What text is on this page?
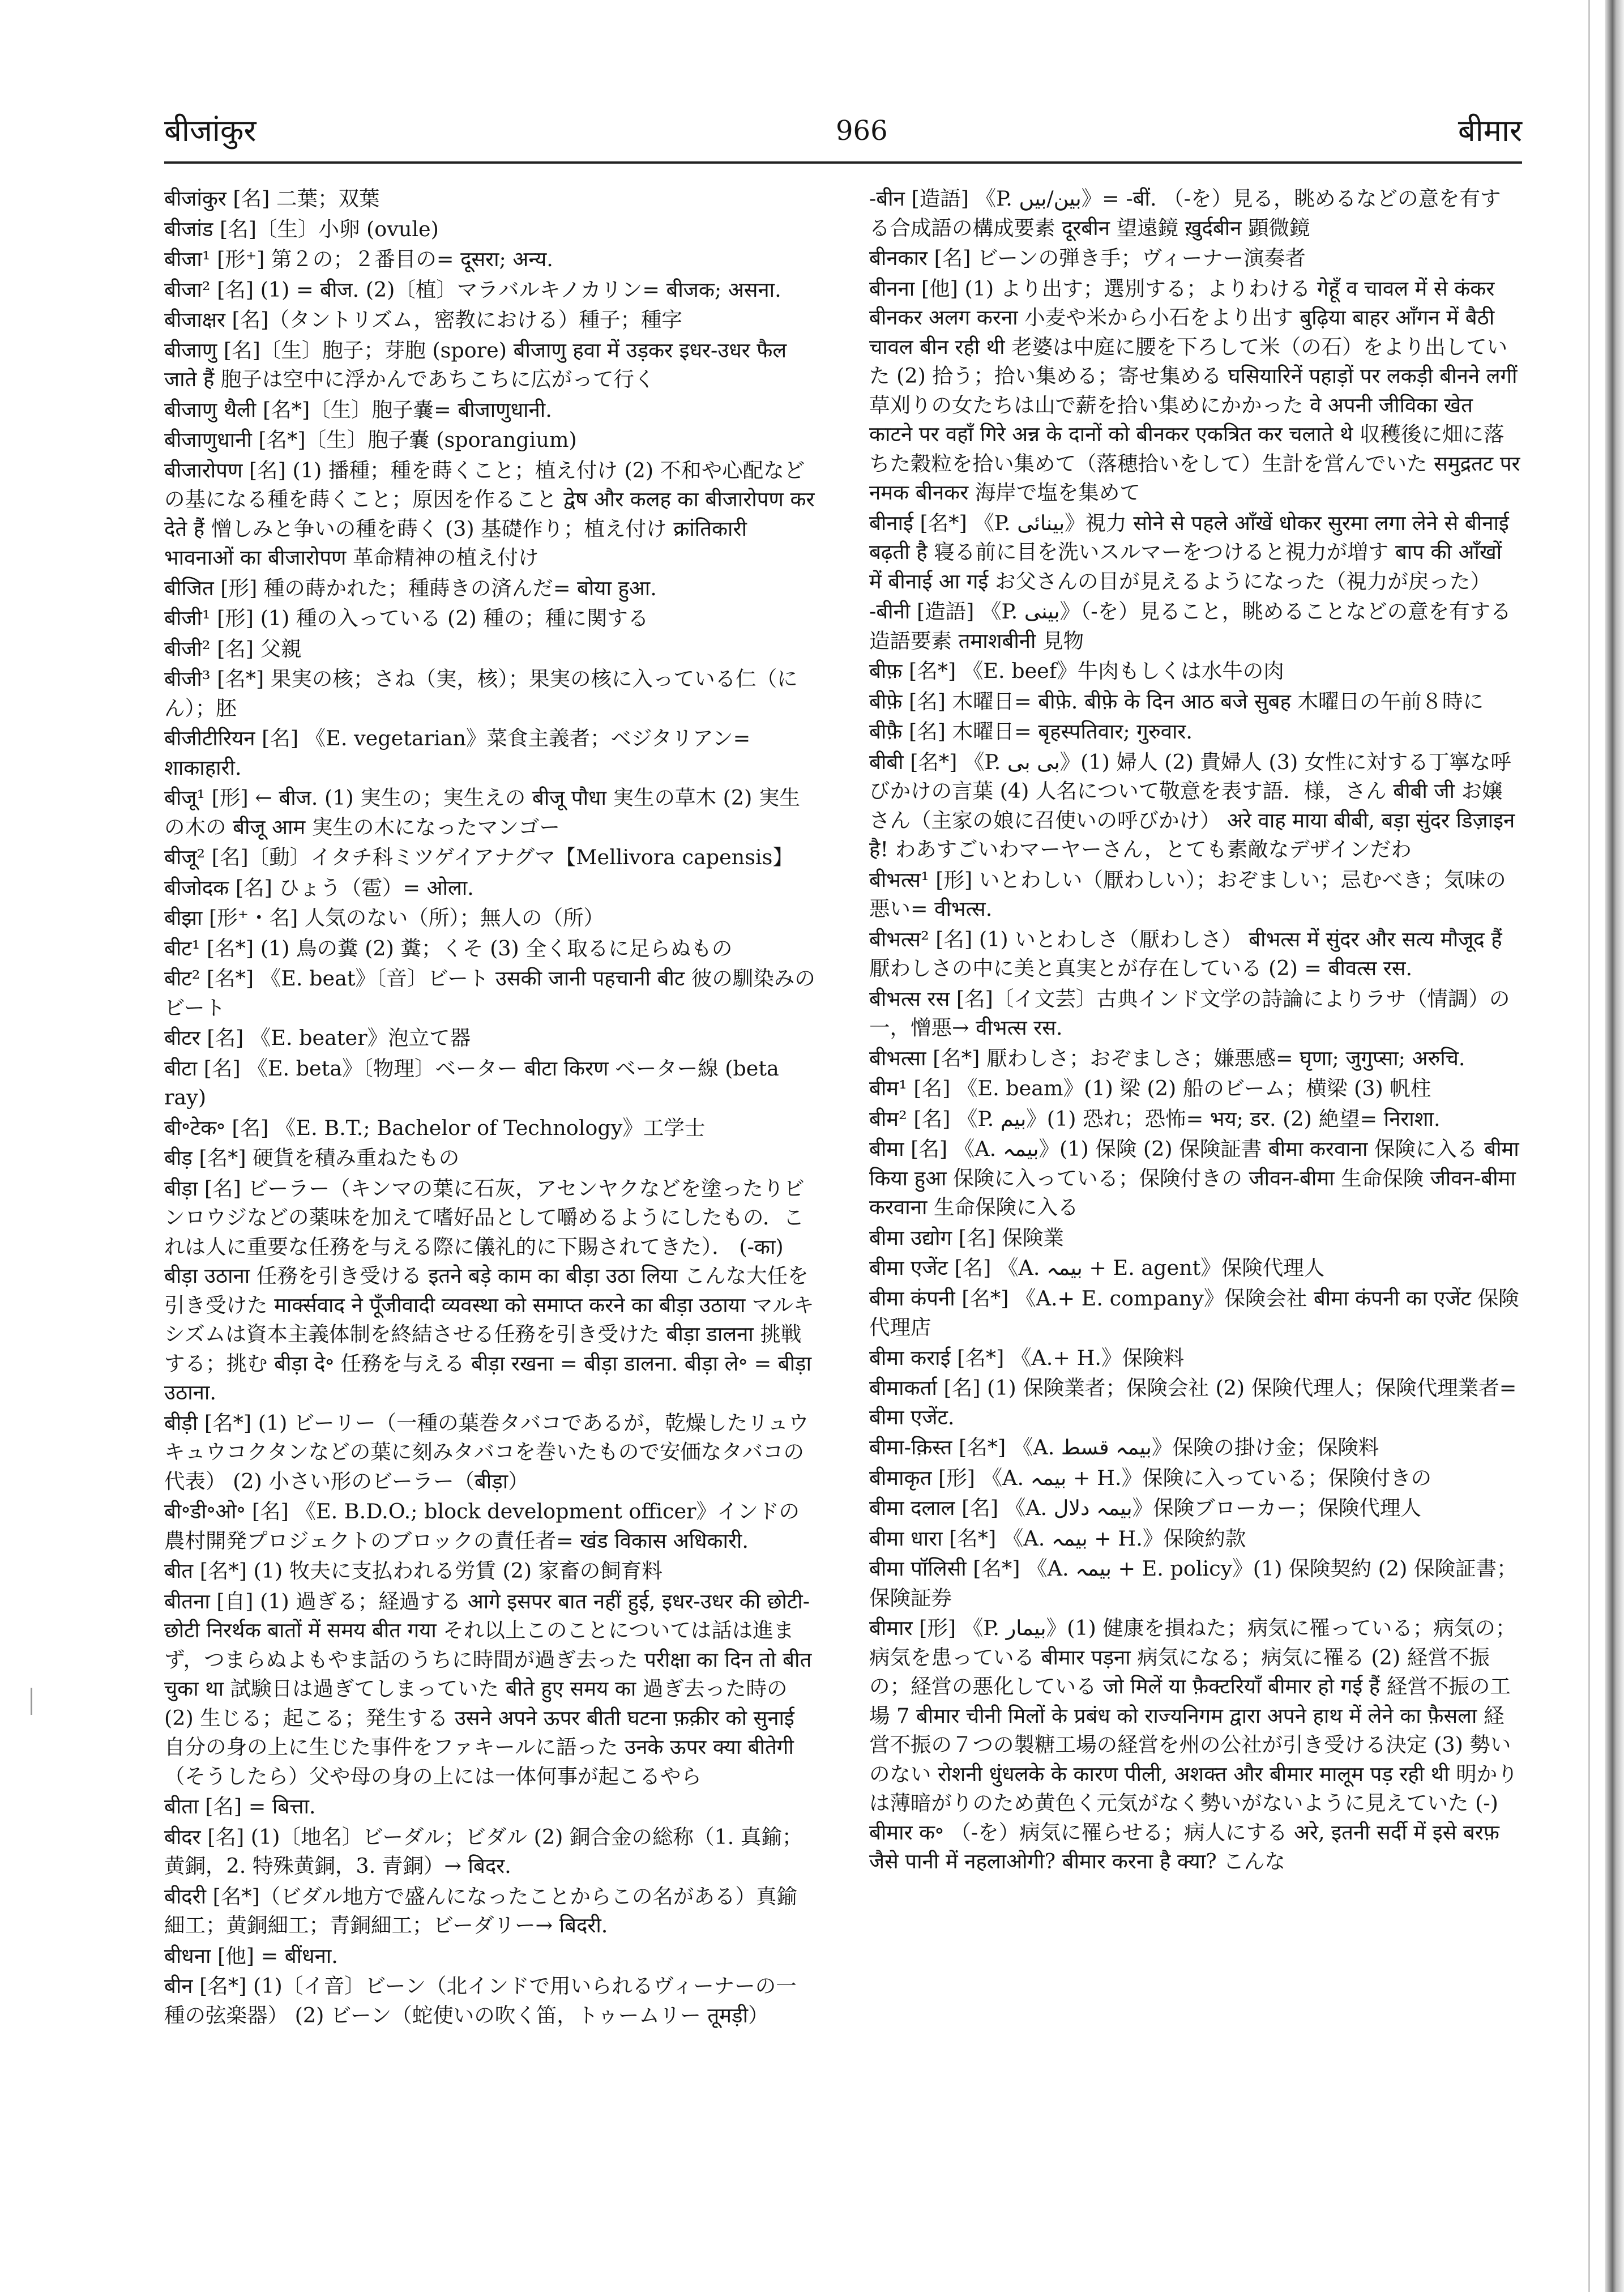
बीजांकुर	966	बीमार

बीजांकुर [名] 二葉；双葉

बीजांड [名]〔生〕小卵 (ovule)

बीजा¹ [形⁺] 第２の；２番目の= दूसरा; अन्य.

बीजा² [名] (1) = बीज. (2)〔植〕マラバルキノカリン= बीजक; असना.

बीजाक्षर [名]（タントリズム，密教における）種子；種字

बीजाणु [名]〔生〕胞子；芽胞 (spore) बीजाणु हवा में उड़कर इधर-उधर फैल जाते हैं 胞子は空中に浮かんであちこちに広がって行く

बीजाणु थैली [名*]〔生〕胞子嚢= बीजाणुधानी.

बीजाणुधानी [名*]〔生〕胞子嚢 (sporangium)

बीजारोपण [名] (1) 播種；種を蒔くこと；植え付け (2) 不和や心配などの基になる種を蒔くこと；原因を作ること द्वेष और कलह का बीजारोपण कर देते हैं 憎しみと争いの種を蒔く (3) 基礎作り；植え付け क्रांतिकारी भावनाओं का बीजारोपण 革命精神の植え付け

बीजित [形] 種の蒔かれた；種蒔きの済んだ= बोया हुआ.

बीजी¹ [形] (1) 種の入っている (2) 種の；種に関する

बीजी² [名] 父親

बीजी³ [名*] 果実の核；さね（実，核）；果実の核に入っている仁（にん）；胚

बीजीटीरियन [名] 《E. vegetarian》菜食主義者；ベジタリアン= शाकाहारी.

बीजू¹ [形] ← बीज. (1) 実生の；実生えの बीजू पौधा 実生の草木 (2) 実生の木の बीजू आम 実生の木になったマンゴー

बीजू² [名]〔動〕イタチ科ミツゲイアナグマ【Mellivora capensis】

बीजोदक [名] ひょう（雹）= ओला.

बीझा [形⁺・名] 人気のない（所）；無人の（所）

बीट¹ [名*] (1) 鳥の糞 (2) 糞；くそ (3) 全く取るに足らぬもの

बीट² [名*] 《E. beat》〔音〕ビート उसकी जानी पहचानी बीट 彼の馴染みのビート

बीटर [名] 《E. beater》泡立て器

बीटा [名] 《E. beta》〔物理〕ベーター बीटा किरण ベーター線 (beta ray)

बी॰टेक॰ [名] 《E. B.T.; Bachelor of Technology》工学士

बीड़ [名*] 硬貨を積み重ねたもの

बीड़ा [名] ビーラー（キンマの葉に石灰，アセンヤクなどを塗ったりビンロウジなどの薬味を加えて嗜好品として嚼めるようにしたもの．これは人に重要な任務を与える際に儀礼的に下賜されてきた）． (-का) बीड़ा उठाना 任務を引き受ける इतने बड़े काम का बीड़ा उठा लिया こんな大任を引き受けた मार्क्सवाद ने पूँजीवादी व्यवस्था को समाप्त करने का बीड़ा उठाया マルキシズムは資本主義体制を終結させる任務を引き受けた बीड़ा डालना 挑戦する；挑む बीड़ा दे॰ 任務を与える बीड़ा रखना = बीड़ा डालना. बीड़ा ले॰ = बीड़ा उठाना.

बीड़ी [名*] (1) ビーリー（一種の葉巻タバコであるが，乾燥したリュウキュウコクタンなどの葉に刻みタバコを巻いたもので安価なタバコの代表） (2) 小さい形のビーラー（बीड़ा）

बी॰डी॰ओ॰ [名] 《E. B.D.O.; block development officer》インドの農村開発プロジェクトのブロックの責任者= खंड विकास अधिकारी.

बीत [名*] (1) 牧夫に支払われる労賃 (2) 家畜の飼育料

बीतना [自] (1) 過ぎる；経過する आगे इसपर बात नहीं हुई, इधर-उधर की छोटी-छोटी निरर्थक बातों में समय बीत गया それ以上このことについては話は進まず，つまらぬよもやま話のうちに時間が過ぎ去った परीक्षा का दिन तो बीत चुका था 試験日は過ぎてしまっていた बीते हुए समय का 過ぎ去った時の (2) 生じる；起こる；発生する उसने अपने ऊपर बीती घटना फ़क़ीर को सुनाई 自分の身の上に生じた事件をファキールに語った उनके ऊपर क्या बीतेगी （そうしたら）父や母の身の上には一体何事が起こるやら

बीता [名] = बित्ता.

बीदर [名] (1)〔地名〕ビーダル；ビダル (2) 銅合金の総称（1. 真鍮；黄銅，2. 特殊黄銅，3. 青銅）→ बिदर.

बीदरी [名*]（ビダル地方で盛んになったことからこの名がある）真鍮細工；黄銅細工；青銅細工；ビーダリー→ बिदरी.

बीधना [他] = बींधना.

बीन [名*] (1)〔イ音〕ビーン（北インドで用いられるヴィーナーの一種の弦楽器） (2) ビーン（蛇使いの吹く笛，トゥームリー तूमड़ी）

-बीन [造語] 《P. بین/بیں》= -बीं. （-を）見る，眺めるなどの意を有する合成語の構成要素 दूरबीन 望遠鏡 ख़ुर्दबीन 顕微鏡

बीनकार [名] ビーンの弾き手；ヴィーナー演奏者

बीनना [他] (1) より出す；選別する；よりわける गेहूँ व चावल में से कंकर बीनकर अलग करना 小麦や米から小石をより出す बुढ़िया बाहर आँगन में बैठी चावल बीन रही थी 老婆は中庭に腰を下ろして米（の石）をより出していた (2) 拾う；拾い集める；寄せ集める घसियारिनें पहाड़ों पर लकड़ी बीनने लगीं 草刈りの女たちは山で薪を拾い集めにかかった वे अपनी जीविका खेत काटने पर वहाँ गिरे अन्न के दानों को बीनकर एकत्रित कर चलाते थे 収穫後に畑に落ちた穀粒を拾い集めて（落穂拾いをして）生計を営んでいた समुद्रतट पर नमक बीनकर 海岸で塩を集めて

बीनाई [名*] 《P. بینائی》視力 सोने से पहले आँखें धोकर सुरमा लगा लेने से बीनाई बढ़ती है 寝る前に目を洗いスルマーをつけると視力が増す बाप की आँखों में बीनाई आ गई お父さんの目が見えるようになった（視力が戻った）

-बीनी [造語] 《P. بینی》（-を）見ること，眺めることなどの意を有する造語要素 तमाशबीनी 見物

बीफ़ [名*] 《E. beef》牛肉もしくは水牛の肉

बीफ़े [名] 木曜日= बीफ़े. बीफ़े के दिन आठ बजे सुबह 木曜日の午前８時に

बीफ़ै [名] 木曜日= बृहस्पतिवार; गुरुवार.

बीबी [名*] 《P. بی بی》(1) 婦人 (2) 貴婦人 (3) 女性に対する丁寧な呼びかけの言葉 (4) 人名について敬意を表す語．様，さん बीबी जी お嬢さん（主家の娘に召使いの呼びかけ） अरे वाह माया बीबी, बड़ा सुंदर डिज़ाइन है! わあすごいわマーヤーさん，とても素敵なデザインだわ

बीभत्स¹ [形] いとわしい（厭わしい）；おぞましい；忌むべき；気味の悪い= वीभत्स.

बीभत्स² [名] (1) いとわしさ（厭わしさ） बीभत्स में सुंदर और सत्य मौजूद हैं 厭わしさの中に美と真実とが存在している (2) = बीवत्स रस.

बीभत्स रस [名]〔イ文芸〕古典インド文学の詩論によりラサ（情調）の一，憎悪→ वीभत्स रस.

बीभत्सा [名*] 厭わしさ；おぞましさ；嫌悪感= घृणा; जुगुप्सा; अरुचि.

बीम¹ [名] 《E. beam》(1) 梁 (2) 船のビーム；横梁 (3) 帆柱

बीम² [名] 《P. بیم》(1) 恐れ；恐怖= भय; डर. (2) 絶望= निराशा.

बीमा [名] 《A. بیمہ》(1) 保険 (2) 保険証書 बीमा करवाना 保険に入る बीमा किया हुआ 保険に入っている；保険付きの जीवन-बीमा 生命保険 जीवन-बीमा करवाना 生命保険に入る

बीमा उद्योग [名] 保険業

बीमा एजेंट [名] 《A. بیمہ + E. agent》保険代理人

बीमा कंपनी [名*] 《A.+ E. company》保険会社 बीमा कंपनी का एजेंट 保険代理店

बीमा कराई [名*] 《A.+ H.》保険料

बीमाकर्ता [名] (1) 保険業者；保険会社 (2) 保険代理人；保険代理業者= बीमा एजेंट.

बीमा-क़िस्त [名*] 《A. بیمہ قسط》保険の掛け金；保険料

बीमाकृत [形] 《A. بیمہ + H.》保険に入っている；保険付きの

बीमा दलाल [名] 《A. بیمہ دلال》保険ブローカー；保険代理人

बीमा धारा [名*] 《A. بیمہ + H.》保険約款

बीमा पॉलिसी [名*] 《A. بیمہ + E. policy》(1) 保険契約 (2) 保険証書；保険証券

बीमार [形] 《P. بیمار》(1) 健康を損ねた；病気に罹っている；病気の；病気を患っている बीमार पड़ना 病気になる；病気に罹る (2) 経営不振の；経営の悪化している जो मिलें या फ़ैक्टरियाँ बीमार हो गई हैं 経営不振の工場 7 बीमार चीनी मिलों के प्रबंध को राज्यनिगम द्वारा अपने हाथ में लेने का फ़ैसला 経営不振の７つの製糖工場の経営を州の公社が引き受ける決定 (3) 勢いのない रोशनी धुंधलके के कारण पीली, अशक्त और बीमार मालूम पड़ रही थी 明かりは薄暗がりのため黄色く元気がなく勢いがないように見えていた (-) बीमार क॰ （-を）病気に罹らせる；病人にする अरे, इतनी सर्दी में इसे बरफ़ जैसे पानी में नहलाओगी? बीमार करना है क्या? こんな
